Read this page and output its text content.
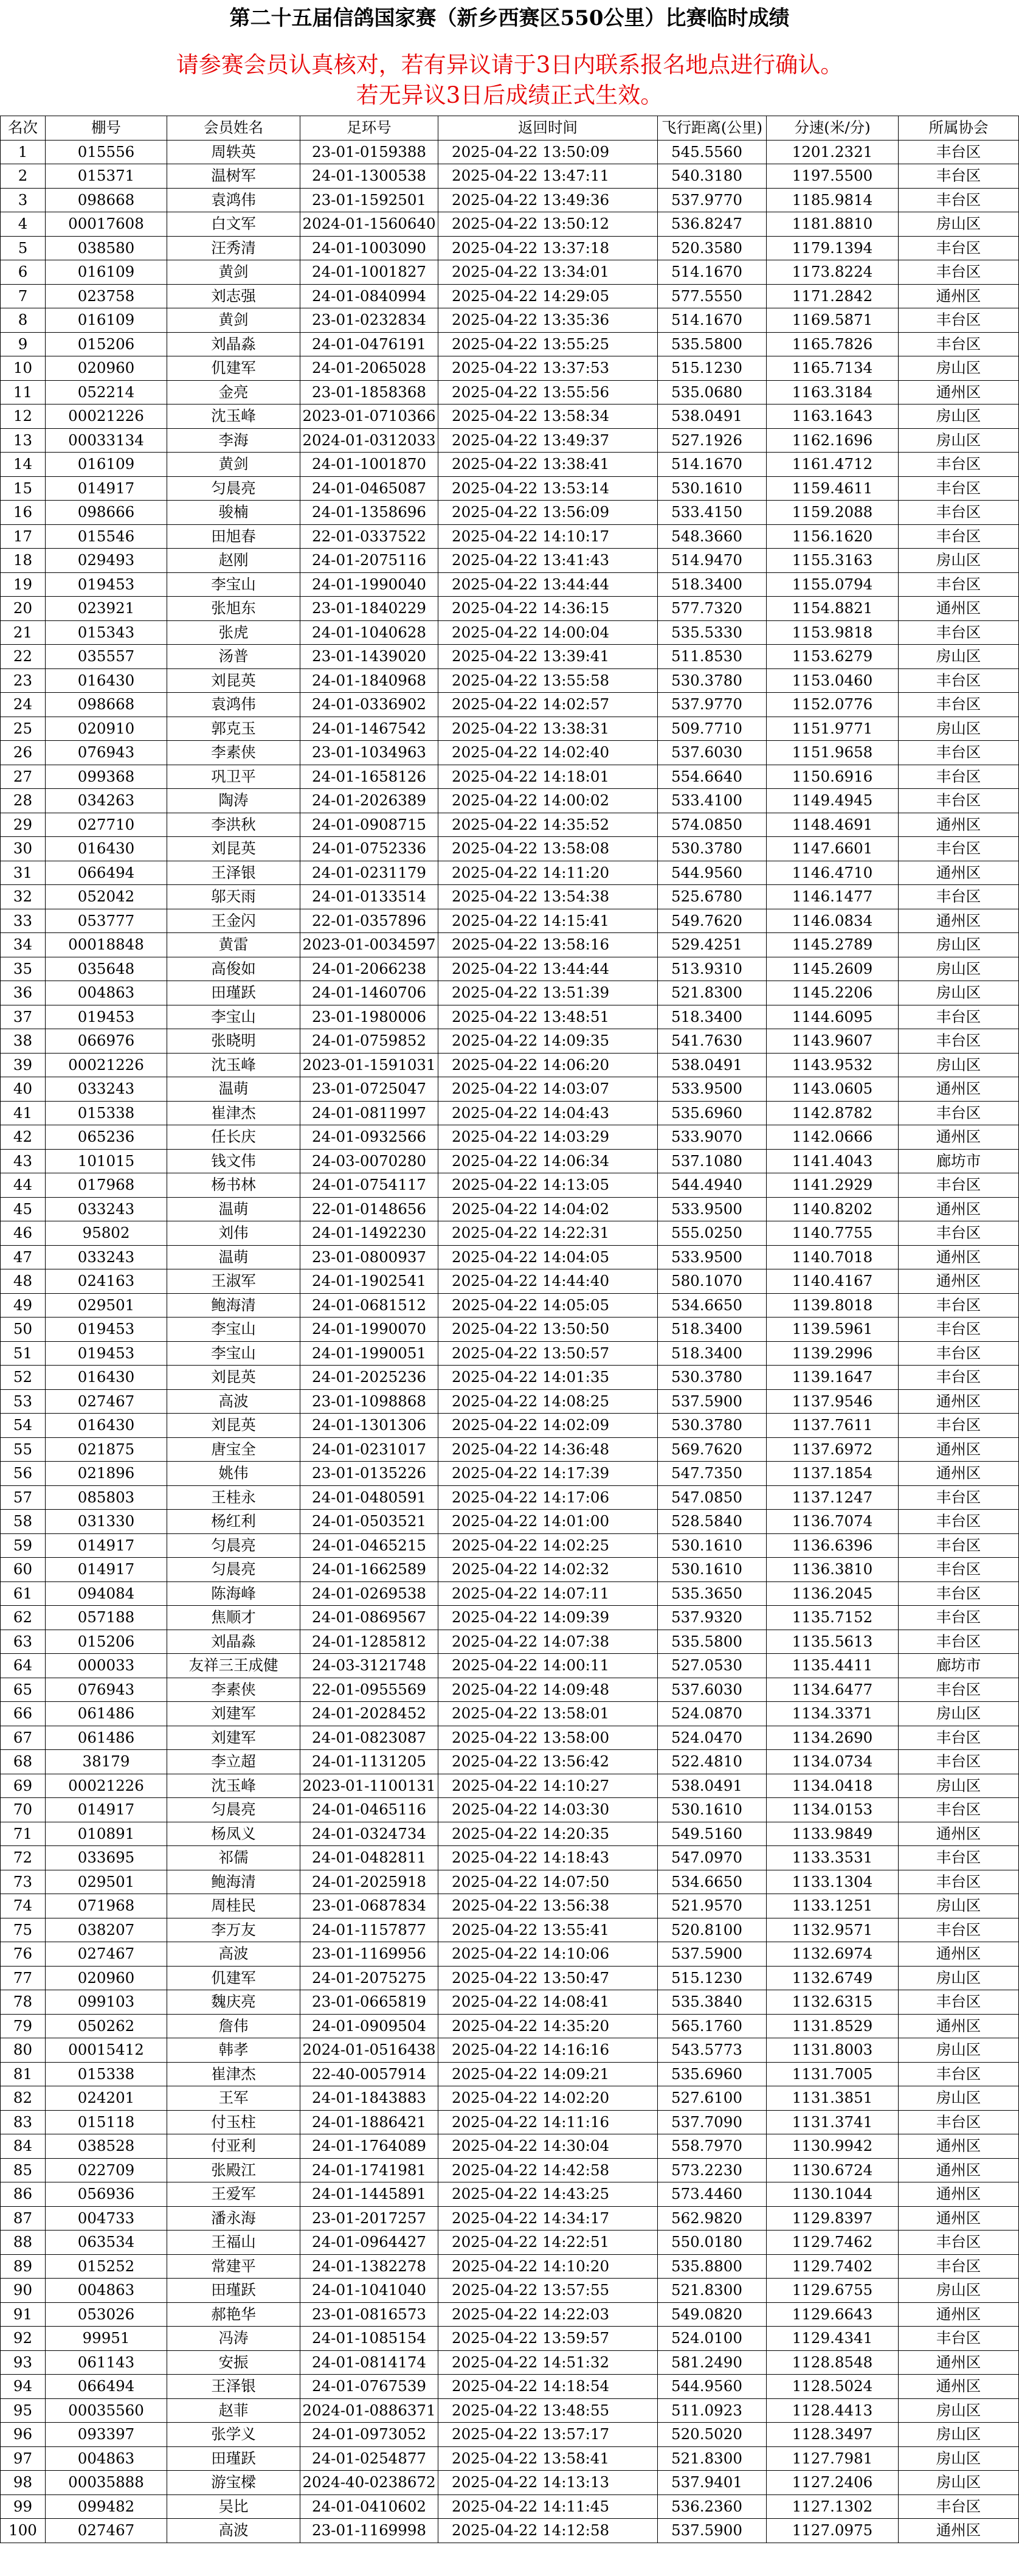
第二十五届信鸽国家赛（新乡西赛区550公里）比赛临时成绩
请参赛会员认真核对，若有异议请于3日内联系报名地点进行确认。
若无异议3日后成绩正式生效。
名次	棚号	会员姓名	足环号	返回时间	飞行距离(公里)	分速(米/分)	所属协会
1	015556	周轶英	23-01-0159388	2025-04-22 13:50:09	545.5560	1201.2321	丰台区
2	015371	温树军	24-01-1300538	2025-04-22 13:47:11	540.3180	1197.5500	丰台区
3	098668	袁鸿伟	23-01-1592501	2025-04-22 13:49:36	537.9770	1185.9814	丰台区
4	00017608	白文军	2024-01-1560640	2025-04-22 13:50:12	536.8247	1181.8810	房山区
5	038580	汪秀清	24-01-1003090	2025-04-22 13:37:18	520.3580	1179.1394	丰台区
6	016109	黄剑	24-01-1001827	2025-04-22 13:34:01	514.1670	1173.8224	丰台区
7	023758	刘志强	24-01-0840994	2025-04-22 14:29:05	577.5550	1171.2842	通州区
8	016109	黄剑	23-01-0232834	2025-04-22 13:35:36	514.1670	1169.5871	丰台区
9	015206	刘晶淼	24-01-0476191	2025-04-22 13:55:25	535.5800	1165.7826	丰台区
10	020960	仉建军	24-01-2065028	2025-04-22 13:37:53	515.1230	1165.7134	房山区
11	052214	金亮	23-01-1858368	2025-04-22 13:55:56	535.0680	1163.3184	通州区
12	00021226	沈玉峰	2023-01-0710366	2025-04-22 13:58:34	538.0491	1163.1643	房山区
13	00033134	李海	2024-01-0312033	2025-04-22 13:49:37	527.1926	1162.1696	房山区
14	016109	黄剑	24-01-1001870	2025-04-22 13:38:41	514.1670	1161.4712	丰台区
15	014917	匀晨亮	24-01-0465087	2025-04-22 13:53:14	530.1610	1159.4611	丰台区
16	098666	骏楠	24-01-1358696	2025-04-22 13:56:09	533.4150	1159.2088	丰台区
17	015546	田旭春	22-01-0337522	2025-04-22 14:10:17	548.3660	1156.1620	丰台区
18	029493	赵刚	24-01-2075116	2025-04-22 13:41:43	514.9470	1155.3163	房山区
19	019453	李宝山	24-01-1990040	2025-04-22 13:44:44	518.3400	1155.0794	丰台区
20	023921	张旭东	23-01-1840229	2025-04-22 14:36:15	577.7320	1154.8821	通州区
21	015343	张虎	24-01-1040628	2025-04-22 14:00:04	535.5330	1153.9818	丰台区
22	035557	汤普	23-01-1439020	2025-04-22 13:39:41	511.8530	1153.6279	房山区
23	016430	刘昆英	24-01-1840968	2025-04-22 13:55:58	530.3780	1153.0460	丰台区
24	098668	袁鸿伟	24-01-0336902	2025-04-22 14:02:57	537.9770	1152.0776	丰台区
25	020910	郭克玉	24-01-1467542	2025-04-22 13:38:31	509.7710	1151.9771	房山区
26	076943	李素侠	23-01-1034963	2025-04-22 14:02:40	537.6030	1151.9658	丰台区
27	099368	巩卫平	24-01-1658126	2025-04-22 14:18:01	554.6640	1150.6916	丰台区
28	034263	陶涛	24-01-2026389	2025-04-22 14:00:02	533.4100	1149.4945	丰台区
29	027710	李洪秋	24-01-0908715	2025-04-22 14:35:52	574.0850	1148.4691	通州区
30	016430	刘昆英	24-01-0752336	2025-04-22 13:58:08	530.3780	1147.6601	丰台区
31	066494	王泽银	24-01-0231179	2025-04-22 14:11:20	544.9560	1146.4710	通州区
32	052042	邬天雨	24-01-0133514	2025-04-22 13:54:38	525.6780	1146.1477	丰台区
33	053777	王金闪	22-01-0357896	2025-04-22 14:15:41	549.7620	1146.0834	通州区
34	00018848	黄雷	2023-01-0034597	2025-04-22 13:58:16	529.4251	1145.2789	房山区
35	035648	高俊如	24-01-2066238	2025-04-22 13:44:44	513.9310	1145.2609	房山区
36	004863	田瑾跃	24-01-1460706	2025-04-22 13:51:39	521.8300	1145.2206	房山区
37	019453	李宝山	23-01-1980006	2025-04-22 13:48:51	518.3400	1144.6095	丰台区
38	066976	张晓明	24-01-0759852	2025-04-22 14:09:35	541.7630	1143.9607	丰台区
39	00021226	沈玉峰	2023-01-1591031	2025-04-22 14:06:20	538.0491	1143.9532	房山区
40	033243	温萌	23-01-0725047	2025-04-22 14:03:07	533.9500	1143.0605	通州区
41	015338	崔津杰	24-01-0811997	2025-04-22 14:04:43	535.6960	1142.8782	丰台区
42	065236	任长庆	24-01-0932566	2025-04-22 14:03:29	533.9070	1142.0666	通州区
43	101015	钱文伟	24-03-0070280	2025-04-22 14:06:34	537.1080	1141.4043	廊坊市
44	017968	杨书林	24-01-0754117	2025-04-22 14:13:05	544.4940	1141.2929	丰台区
45	033243	温萌	22-01-0148656	2025-04-22 14:04:02	533.9500	1140.8202	通州区
46	95802	刘伟	24-01-1492230	2025-04-22 14:22:31	555.0250	1140.7755	丰台区
47	033243	温萌	23-01-0800937	2025-04-22 14:04:05	533.9500	1140.7018	通州区
48	024163	王淑军	24-01-1902541	2025-04-22 14:44:40	580.1070	1140.4167	通州区
49	029501	鲍海清	24-01-0681512	2025-04-22 14:05:05	534.6650	1139.8018	丰台区
50	019453	李宝山	24-01-1990070	2025-04-22 13:50:50	518.3400	1139.5961	丰台区
51	019453	李宝山	24-01-1990051	2025-04-22 13:50:57	518.3400	1139.2996	丰台区
52	016430	刘昆英	24-01-2025236	2025-04-22 14:01:35	530.3780	1139.1647	丰台区
53	027467	高波	23-01-1098868	2025-04-22 14:08:25	537.5900	1137.9546	通州区
54	016430	刘昆英	24-01-1301306	2025-04-22 14:02:09	530.3780	1137.7611	丰台区
55	021875	唐宝全	24-01-0231017	2025-04-22 14:36:48	569.7620	1137.6972	通州区
56	021896	姚伟	23-01-0135226	2025-04-22 14:17:39	547.7350	1137.1854	通州区
57	085803	王桂永	24-01-0480591	2025-04-22 14:17:06	547.0850	1137.1247	丰台区
58	031330	杨红利	24-01-0503521	2025-04-22 14:01:00	528.5840	1136.7074	丰台区
59	014917	匀晨亮	24-01-0465215	2025-04-22 14:02:25	530.1610	1136.6396	丰台区
60	014917	匀晨亮	24-01-1662589	2025-04-22 14:02:32	530.1610	1136.3810	丰台区
61	094084	陈海峰	24-01-0269538	2025-04-22 14:07:11	535.3650	1136.2045	丰台区
62	057188	焦顺才	24-01-0869567	2025-04-22 14:09:39	537.9320	1135.7152	丰台区
63	015206	刘晶淼	24-01-1285812	2025-04-22 14:07:38	535.5800	1135.5613	丰台区
64	000033	友祥三王成健	24-03-3121748	2025-04-22 14:00:11	527.0530	1135.4411	廊坊市
65	076943	李素侠	22-01-0955569	2025-04-22 14:09:48	537.6030	1134.6477	丰台区
66	061486	刘建军	24-01-2028452	2025-04-22 13:58:01	524.0870	1134.3371	房山区
67	061486	刘建军	24-01-0823087	2025-04-22 13:58:00	524.0470	1134.2690	丰台区
68	38179	李立超	24-01-1131205	2025-04-22 13:56:42	522.4810	1134.0734	丰台区
69	00021226	沈玉峰	2023-01-1100131	2025-04-22 14:10:27	538.0491	1134.0418	房山区
70	014917	匀晨亮	24-01-0465116	2025-04-22 14:03:30	530.1610	1134.0153	丰台区
71	010891	杨凤义	24-01-0324734	2025-04-22 14:20:35	549.5160	1133.9849	通州区
72	033695	祁儒	24-01-0482811	2025-04-22 14:18:43	547.0970	1133.3531	丰台区
73	029501	鲍海清	24-01-2025918	2025-04-22 14:07:50	534.6650	1133.1304	丰台区
74	071968	周桂民	23-01-0687834	2025-04-22 13:56:38	521.9570	1133.1251	房山区
75	038207	李万友	24-01-1157877	2025-04-22 13:55:41	520.8100	1132.9571	丰台区
76	027467	高波	23-01-1169956	2025-04-22 14:10:06	537.5900	1132.6974	通州区
77	020960	仉建军	24-01-2075275	2025-04-22 13:50:47	515.1230	1132.6749	房山区
78	099103	魏庆亮	23-01-0665819	2025-04-22 14:08:41	535.3840	1132.6315	丰台区
79	050262	詹伟	24-01-0909504	2025-04-22 14:35:20	565.1760	1131.8529	通州区
80	00015412	韩孝	2024-01-0516438	2025-04-22 14:16:16	543.5773	1131.8003	房山区
81	015338	崔津杰	22-40-0057914	2025-04-22 14:09:21	535.6960	1131.7005	丰台区
82	024201	王军	24-01-1843883	2025-04-22 14:02:20	527.6100	1131.3851	房山区
83	015118	付玉柱	24-01-1886421	2025-04-22 14:11:16	537.7090	1131.3741	丰台区
84	038528	付亚利	24-01-1764089	2025-04-22 14:30:04	558.7970	1130.9942	通州区
85	022709	张殿江	24-01-1741981	2025-04-22 14:42:58	573.2230	1130.6724	通州区
86	056936	王爱军	24-01-1445891	2025-04-22 14:43:25	573.4460	1130.1044	通州区
87	004733	潘永海	23-01-2017257	2025-04-22 14:34:17	562.9820	1129.8397	通州区
88	063534	王福山	24-01-0964427	2025-04-22 14:22:51	550.0180	1129.7462	丰台区
89	015252	常建平	24-01-1382278	2025-04-22 14:10:20	535.8800	1129.7402	丰台区
90	004863	田瑾跃	24-01-1041040	2025-04-22 13:57:55	521.8300	1129.6755	房山区
91	053026	郝艳华	23-01-0816573	2025-04-22 14:22:03	549.0820	1129.6643	通州区
92	99951	冯涛	24-01-1085154	2025-04-22 13:59:57	524.0100	1129.4341	丰台区
93	061143	安振	24-01-0814174	2025-04-22 14:51:32	581.2490	1128.8548	通州区
94	066494	王泽银	24-01-0767539	2025-04-22 14:18:54	544.9560	1128.5024	通州区
95	00035560	赵菲	2024-01-0886371	2025-04-22 13:48:55	511.0923	1128.4413	房山区
96	093397	张学义	24-01-0973052	2025-04-22 13:57:17	520.5020	1128.3497	房山区
97	004863	田瑾跃	24-01-0254877	2025-04-22 13:58:41	521.8300	1127.7981	房山区
98	00035888	游宝樑	2024-40-0238672	2025-04-22 14:13:13	537.9401	1127.2406	房山区
99	099482	吴比	24-01-0410602	2025-04-22 14:11:45	536.2360	1127.1302	丰台区
100	027467	高波	23-01-1169998	2025-04-22 14:12:58	537.5900	1127.0975	通州区
